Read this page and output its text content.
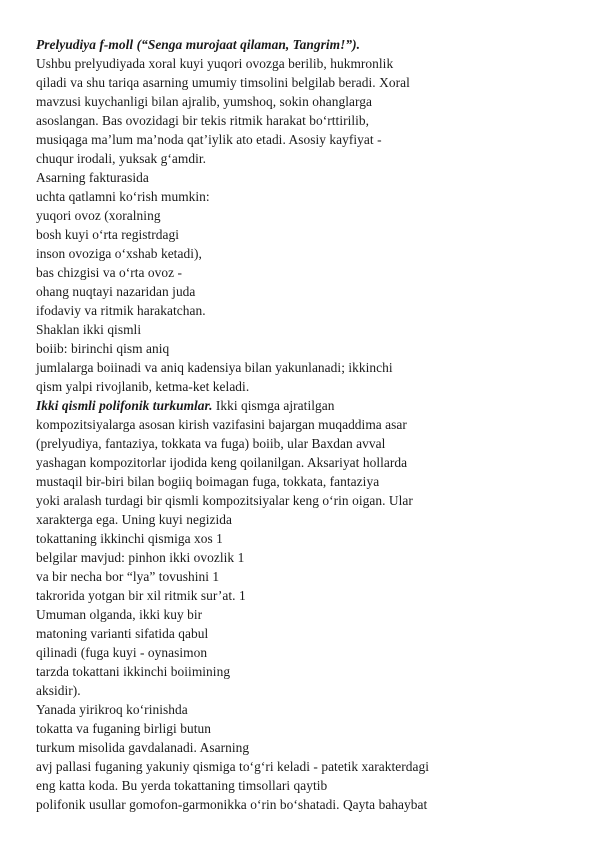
Prelyudiya f-moll (“Senga murojaat qilaman, Tangrim!”).
Ushbu prelyudiyada xoral kuyi yuqori ovozga berilib, hukmronlik
qiladi va shu tariqa asarning umumiy timsolini belgilab beradi. Xoral
mavzusi kuychanligi bilan ajralib, yumshoq, sokin ohanglarga
asoslangan. Bas ovozidagi bir tekis ritmik harakat bo‘rttirilib,
musiqaga ma’lum ma’noda qat’iylik ato etadi. Asosiy kayfiyat -
chuqur irodali, yuksak g‘amdir.
Asarning fakturasida
uchta qatlamni ko‘rish mumkin:
yuqori ovoz (xoralning
bosh kuyi o‘rta registrdagi
inson ovoziga o‘xshab ketadi),
bas chizgisi va o‘rta ovoz -
ohang nuqtayi nazaridan juda
ifodaviy va ritmik harakatchan.
Shaklan ikki qismli
boiib: birinchi qism aniq
jumlalarga boiinadi va aniq kadensiya bilan yakunlanadi; ikkinchi
qism yalpi rivojlanib, ketma-ket keladi.
Ikki qismli polifonik turkumlar. Ikki qismga ajratilgan
kompozitsiyalarga asosan kirish vazifasini bajargan muqaddima asar
(prelyudiya, fantaziya, tokkata va fuga) boiib, ular Baxdan avval
yashagan kompozitorlar ijodida keng qoilanilgan. Aksariyat hollarda
mustaqil bir-biri bilan bogiiq boimagan fuga, tokkata, fantaziya
yoki aralash turdagi bir qismli kompozitsiyalar keng o‘rin oigan. Ular
xarakterga ega. Uning kuyi negizida
tokattaning ikkinchi qismiga xos 1
belgilar mavjud: pinhon ikki ovozlik 1
va bir necha bor “lya” tovushini 1
takrorida yotgan bir xil ritmik sur’at. 1
Umuman olganda, ikki kuy bir
matoning varianti sifatida qabul
qilinadi (fuga kuyi - oynasimon
tarzda tokattani ikkinchi boiimining
aksidir).
Yanada yirikroq ko‘rinishda
tokatta va fuganing birligi butun
turkum misolida gavdalanadi. Asarning
avj pallasi fuganing yakuniy qismiga to‘g‘ri keladi - patetik xarakterdagi
eng katta koda. Bu yerda tokattaning timsollari qaytib
polifonik usullar gomofon-garmonikka o‘rin bo‘shatadi. Qayta bahaybat
